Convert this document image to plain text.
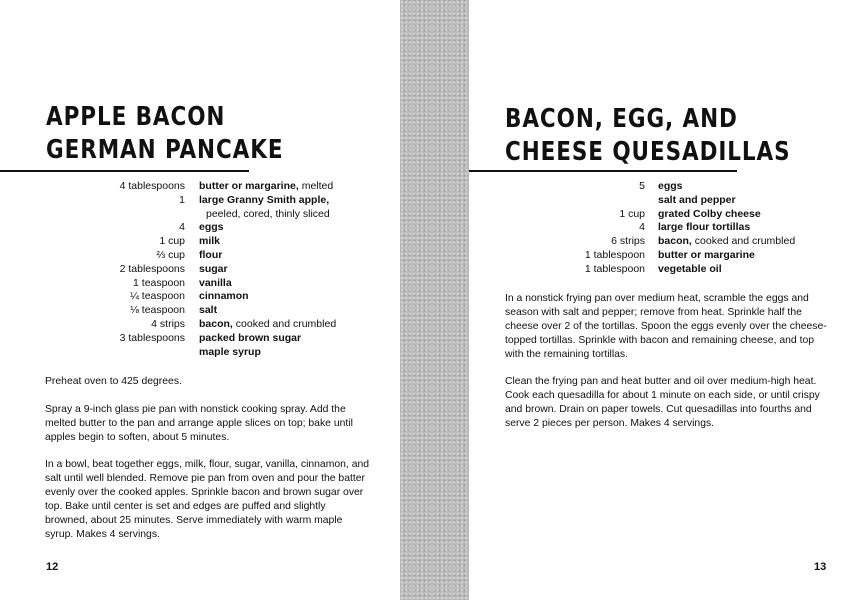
APPLE BACON
GERMAN PANCAKE
4 tablespoons butter or margarine, melted
1 large Granny Smith apple,
peeled, cored, thinly sliced
4 eggs
1 cup milk
⅔ cup flour
2 tablespoons sugar
1 teaspoon vanilla
¼ teaspoon cinnamon
⅛ teaspoon salt
4 strips bacon, cooked and crumbled
3 tablespoons packed brown sugar
maple syrup

Preheat oven to 425 degrees.

Spray a 9-inch glass pie pan with nonstick cooking spray. Add the melted butter to the pan and arrange apple slices on top; bake until apples begin to soften, about 5 minutes.

In a bowl, beat together eggs, milk, flour, sugar, vanilla, cinnamon, and salt until well blended. Remove pie pan from oven and pour the batter evenly over the cooked apples. Sprinkle bacon and brown sugar over top. Bake until center is set and edges are puffed and slightly browned, about 25 minutes. Serve immediately with warm maple syrup. Makes 4 servings.

12
BACON, EGG, AND
CHEESE QUESADILLAS
5 eggs
salt and pepper
1 cup grated Colby cheese
4 large flour tortillas
6 strips bacon, cooked and crumbled
1 tablespoon butter or margarine
1 tablespoon vegetable oil

In a nonstick frying pan over medium heat, scramble the eggs and season with salt and pepper; remove from heat. Sprinkle half the cheese over 2 of the tortillas. Spoon the eggs evenly over the cheese-topped tortillas. Sprinkle with bacon and remaining cheese, and top with the remaining tortillas.

Clean the frying pan and heat butter and oil over medium-high heat. Cook each quesadilla for about 1 minute on each side, or until crispy and brown. Drain on paper towels. Cut quesadillas into fourths and serve 2 pieces per person. Makes 4 servings.

13
